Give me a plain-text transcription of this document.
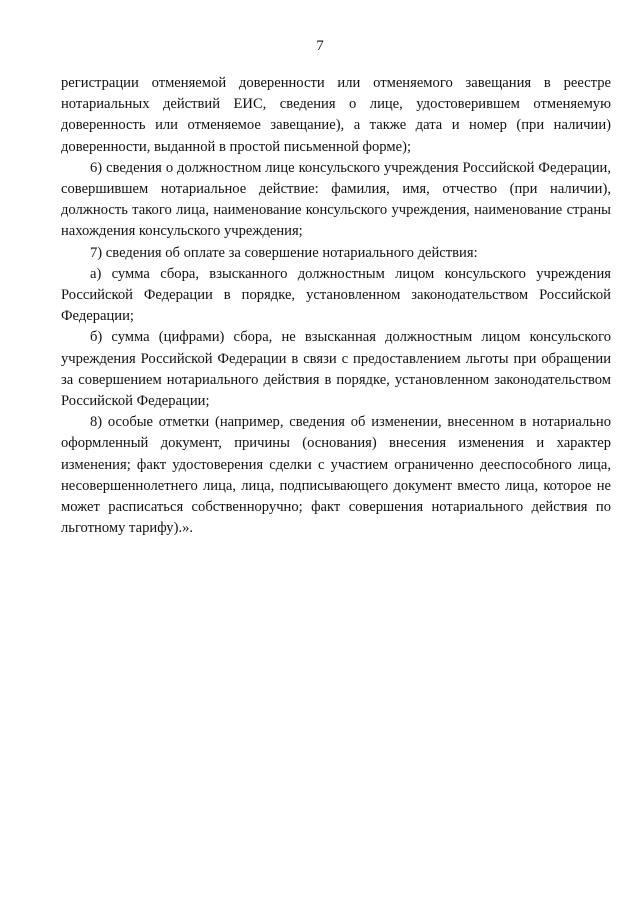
7

регистрации отменяемой доверенности или отменяемого завещания в реестре нотариальных действий ЕИС, сведения о лице, удостоверившем отменяемую доверенность или отменяемое завещание), а также дата и номер (при наличии) доверенности, выданной в простой письменной форме);

6) сведения о должностном лице консульского учреждения Российской Федерации, совершившем нотариальное действие: фамилия, имя, отчество (при наличии), должность такого лица, наименование консульского учреждения, наименование страны нахождения консульского учреждения;

7) сведения об оплате за совершение нотариального действия:

а) сумма сбора, взысканного должностным лицом консульского учреждения Российской Федерации в порядке, установленном законодательством Российской Федерации;

б) сумма (цифрами) сбора, не взысканная должностным лицом консульского учреждения Российской Федерации в связи с предоставлением льготы при обращении за совершением нотариального действия в порядке, установленном законодательством Российской Федерации;

8) особые отметки (например, сведения об изменении, внесенном в нотариально оформленный документ, причины (основания) внесения изменения и характер изменения; факт удостоверения сделки с участием ограниченно дееспособного лица, несовершеннолетнего лица, лица, подписывающего документ вместо лица, которое не может расписаться собственноручно; факт совершения нотариального действия по льготному тарифу).».
